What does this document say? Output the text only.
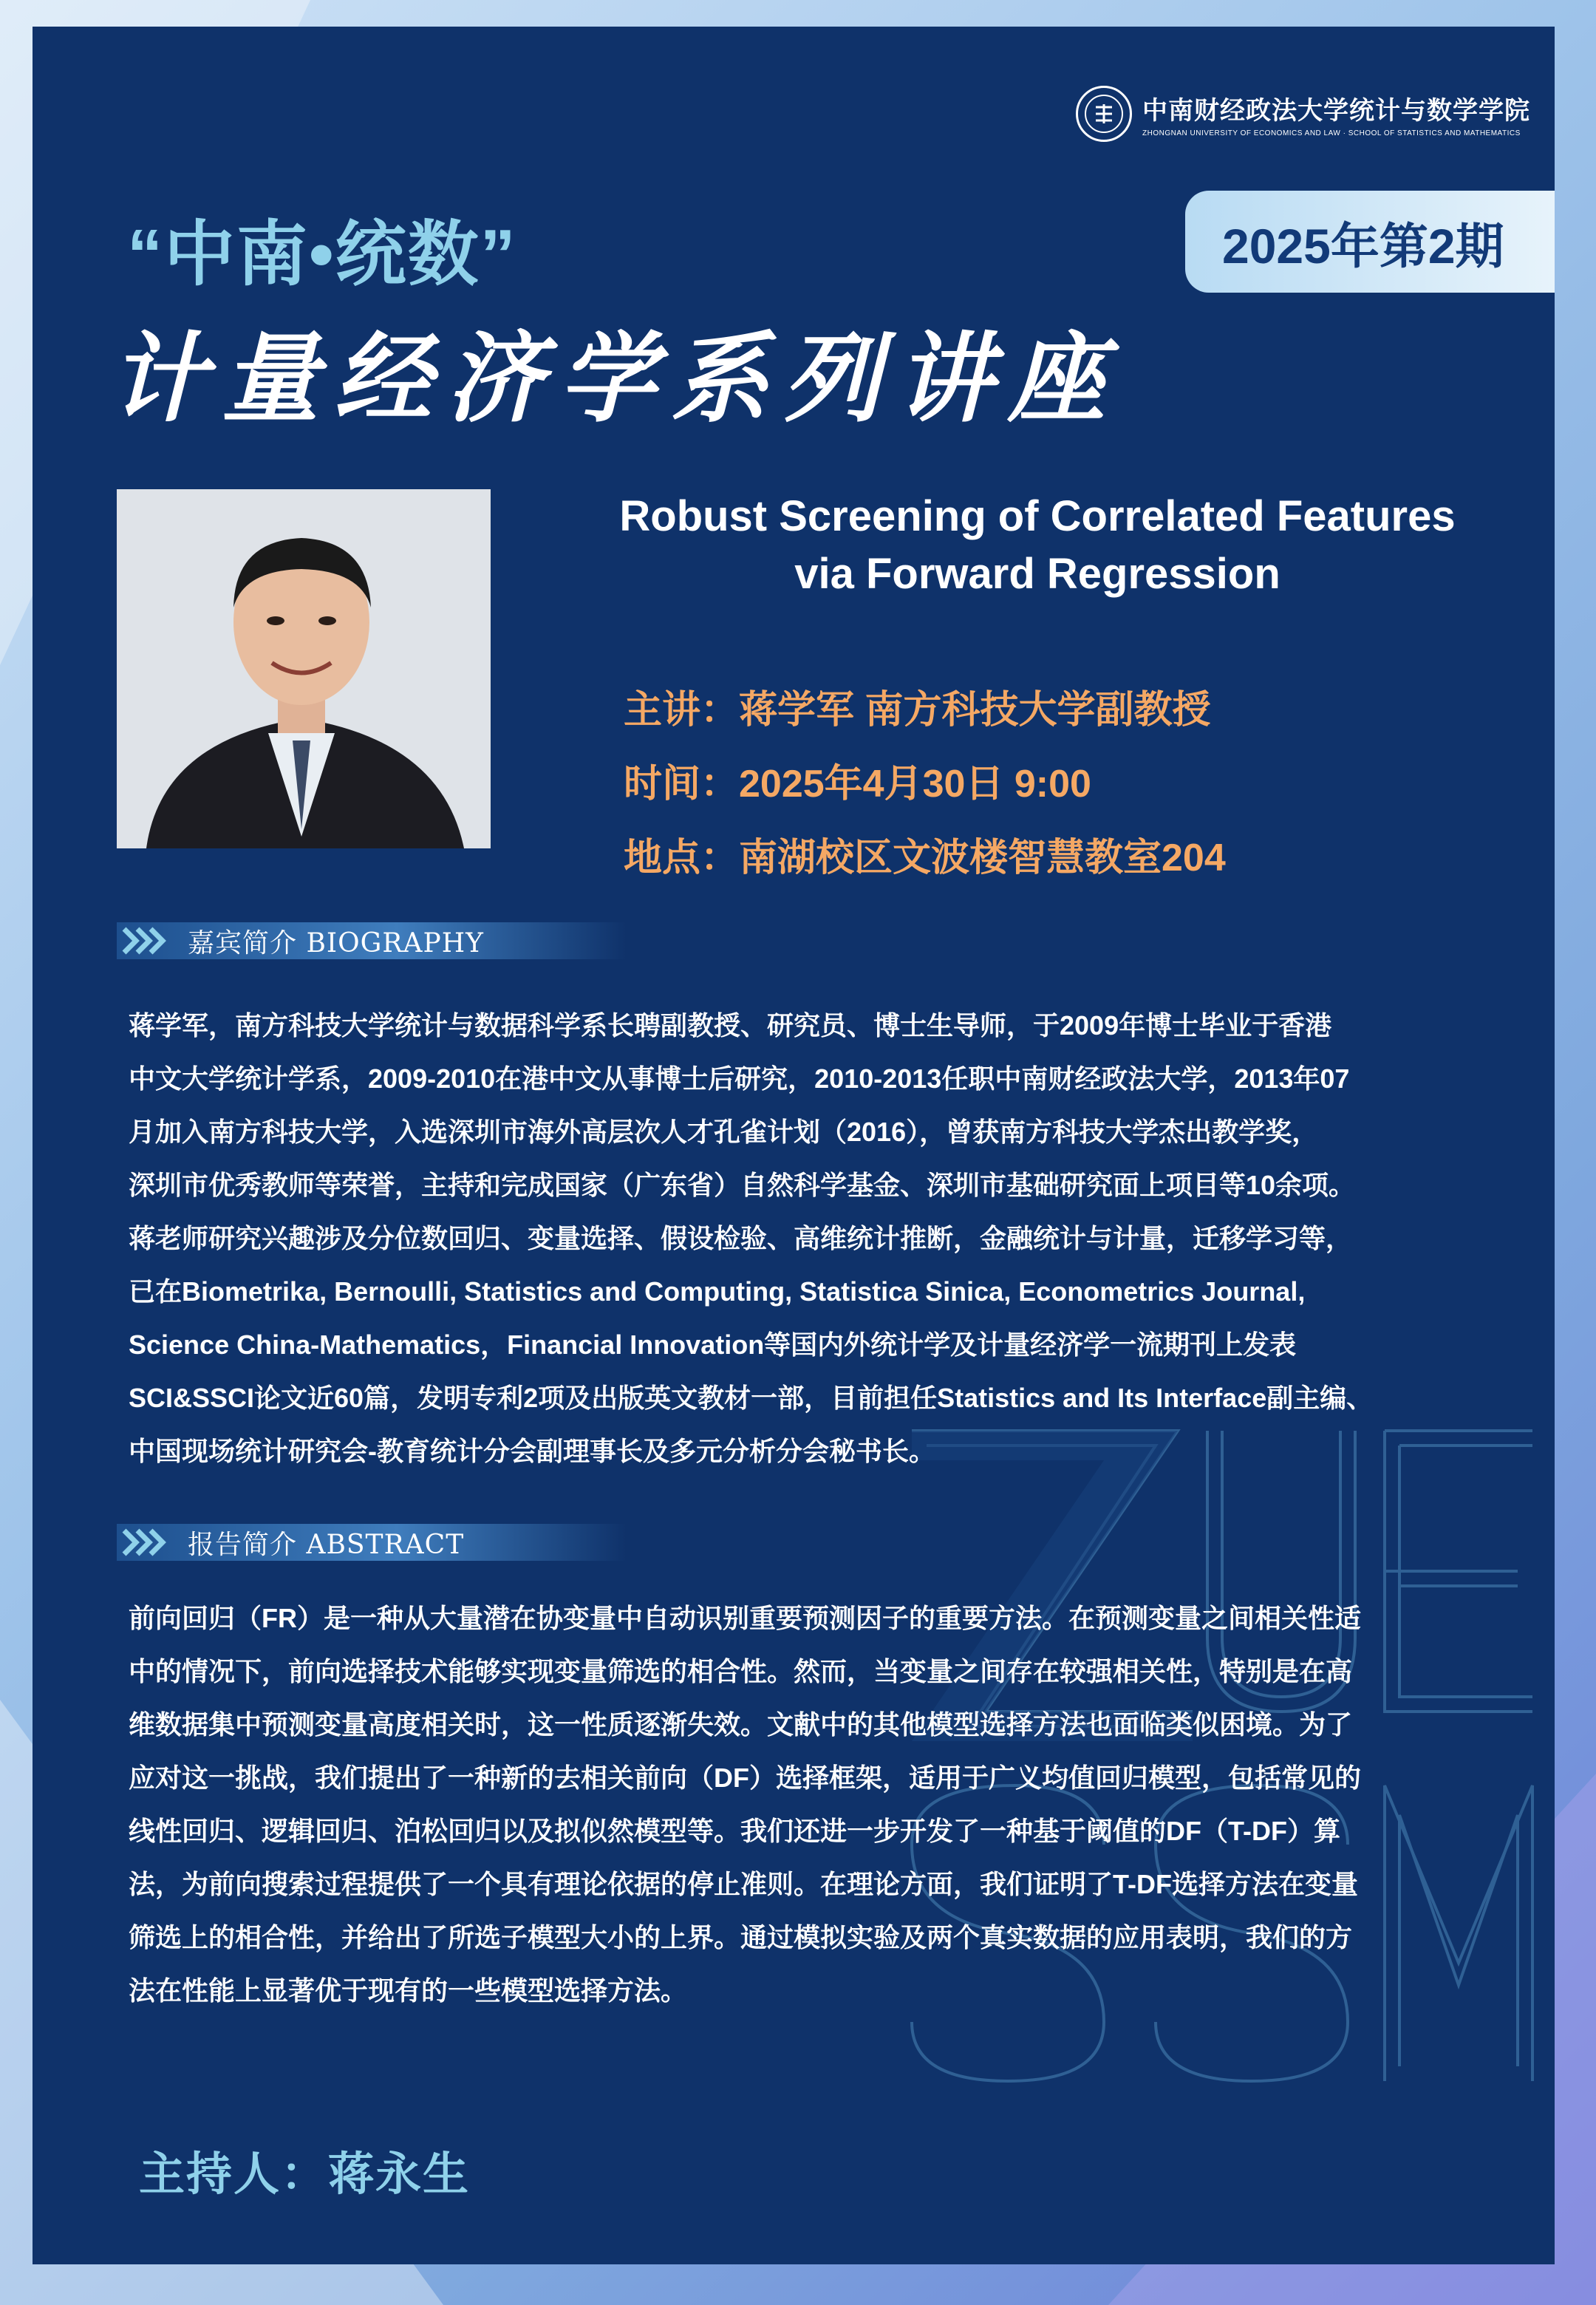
中南财经政法大学统计与数学学院
ZHONGNAN UNIVERSITY OF ECONOMICS AND LAW · SCHOOL OF STATISTICS AND MATHEMATICS
“中南•统数”
计量经济学系列讲座
Robust Screening of Correlated Features
via Forward Regression
主讲：蒋学军 南方科技大学副教授
时间：2025年4月30日 9:00
地点：南湖校区文波楼智慧教室204
嘉宾简介 BIOGRAPHY
蒋学军，南方科技大学统计与数据科学系长聘副教授、研究员、博士生导师，于2009年博士毕业于香港
中文大学统计学系，2009-2010在港中文从事博士后研究，2010-2013任职中南财经政法大学，2013年07
月加入南方科技大学，入选深圳市海外高层次人才孔雀计划（2016），曾获南方科技大学杰出教学奖，
深圳市优秀教师等荣誉，主持和完成国家（广东省）自然科学基金、深圳市基础研究面上项目等10余项。
蒋老师研究兴趣涉及分位数回归、变量选择、假设检验、高维统计推断，金融统计与计量，迁移学习等，
已在Biometrika, Bernoulli, Statistics and Computing, Statistica Sinica, Econometrics Journal,
Science China-Mathematics，Financial Innovation等国内外统计学及计量经济学一流期刊上发表
SCI&SSCI论文近60篇，发明专利2项及出版英文教材一部，目前担任Statistics and Its Interface副主编、
中国现场统计研究会-教育统计分会副理事长及多元分析分会秘书长。
报告简介 ABSTRACT
前向回归（FR）是一种从大量潜在协变量中自动识别重要预测因子的重要方法。在预测变量之间相关性适
中的情况下，前向选择技术能够实现变量筛选的相合性。然而，当变量之间存在较强相关性，特别是在高
维数据集中预测变量高度相关时，这一性质逐渐失效。文献中的其他模型选择方法也面临类似困境。为了
应对这一挑战，我们提出了一种新的去相关前向（DF）选择框架，适用于广义均值回归模型，包括常见的
线性回归、逻辑回归、泊松回归以及拟似然模型等。我们还进一步开发了一种基于阈值的DF（T-DF）算
法，为前向搜索过程提供了一个具有理论依据的停止准则。在理论方面，我们证明了T-DF选择方法在变量
筛选上的相合性，并给出了所选子模型大小的上界。通过模拟实验及两个真实数据的应用表明，我们的方
法在性能上显著优于现有的一些模型选择方法。
主持人：蒋永生
2025年第2期
